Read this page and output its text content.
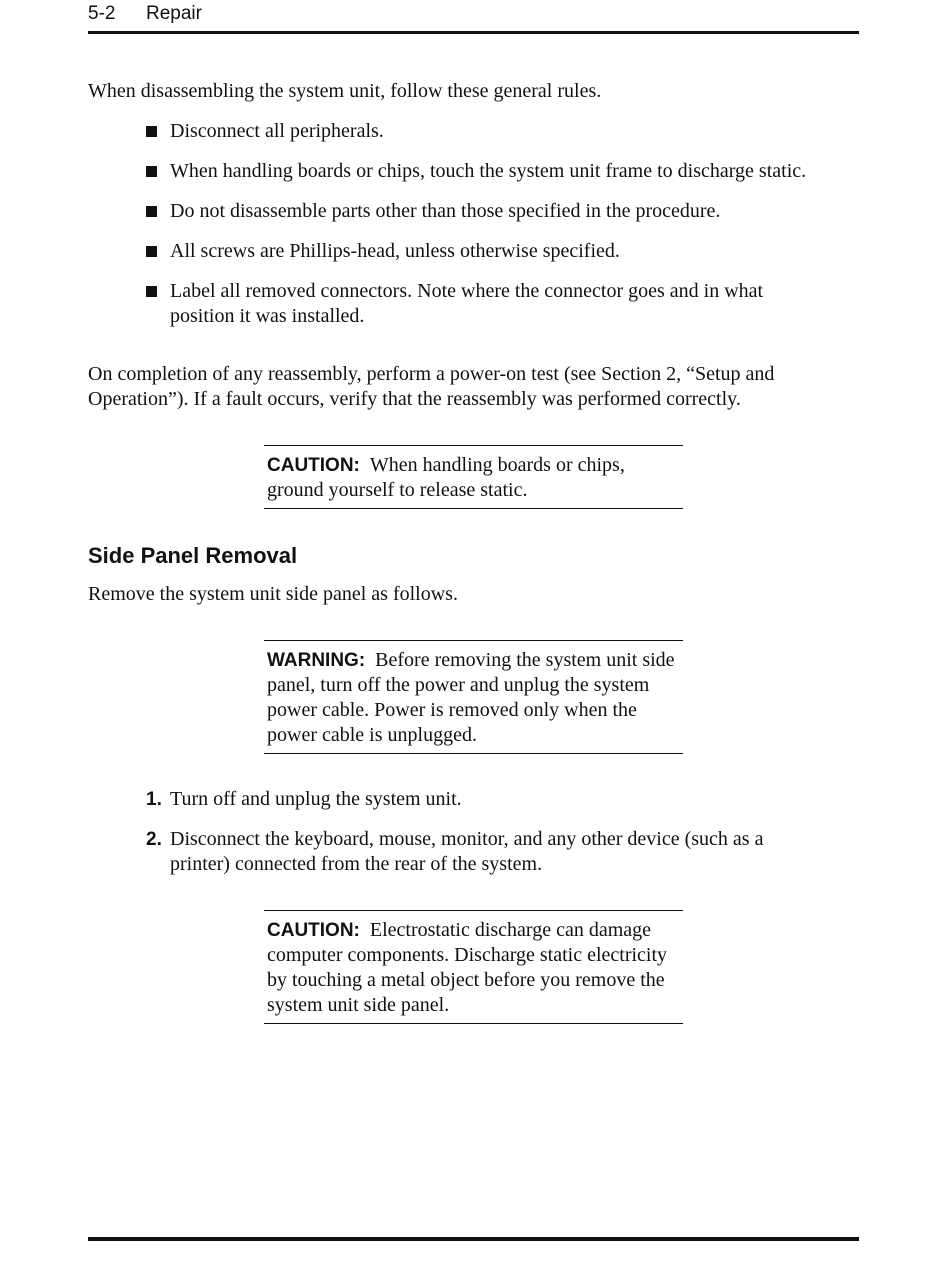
5-2 Repair

When disassembling the system unit, follow these general rules.

Disconnect all peripherals.
When handling boards or chips, touch the system unit frame to discharge static.
Do not disassemble parts other than those specified in the procedure.
All screws are Phillips-head, unless otherwise specified.
Label all removed connectors. Note where the connector goes and in what position it was installed.

On completion of any reassembly, perform a power-on test (see Section 2, “Setup and Operation”). If a fault occurs, verify that the reassembly was performed correctly.

CAUTION: When handling boards or chips, ground yourself to release static.
Side Panel Removal

Remove the system unit side panel as follows.

WARNING: Before removing the system unit side panel, turn off the power and unplug the system power cable. Power is removed only when the power cable is unplugged.
1. Turn off and unplug the system unit.
2. Disconnect the keyboard, mouse, monitor, and any other device (such as a printer) connected from the rear of the system.
CAUTION: Electrostatic discharge can damage computer components. Discharge static electricity by touching a metal object before you remove the system unit side panel.
